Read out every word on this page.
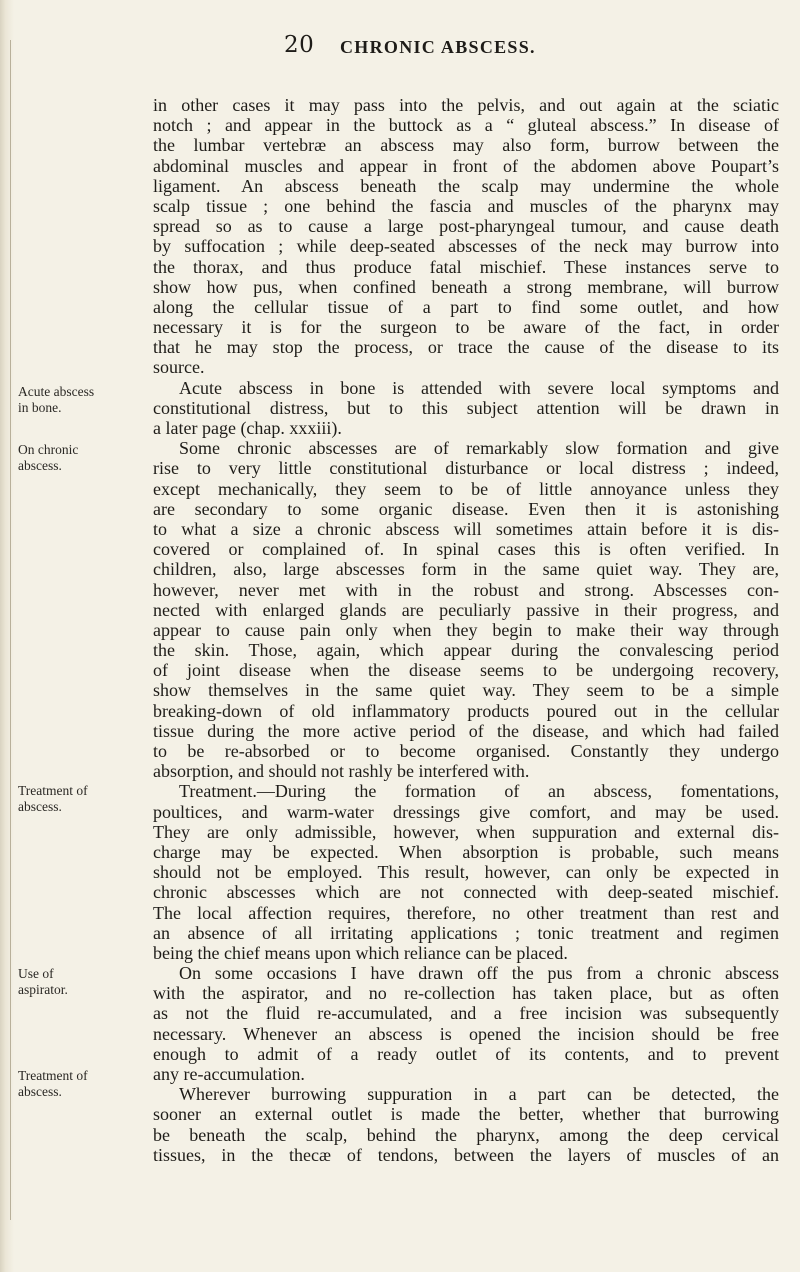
20 CHRONIC ABSCESS.
Acute abscess
in bone.
On chronic
abscess.
Treatment of
abscess.
Use of
aspirator.
Treatment of
abscess.
in other cases it may pass into the pelvis, and out again at the sciatic
notch ; and appear in the buttock as a “ gluteal abscess.” In disease of
the lumbar vertebræ an abscess may also form, burrow between the
abdominal muscles and appear in front of the abdomen above Poupart’s
ligament. An abscess beneath the scalp may undermine the whole
scalp tissue ; one behind the fascia and muscles of the pharynx may
spread so as to cause a large post-pharyngeal tumour, and cause death
by suffocation ; while deep-seated abscesses of the neck may burrow into
the thorax, and thus produce fatal mischief. These instances serve to
show how pus, when confined beneath a strong membrane, will burrow
along the cellular tissue of a part to find some outlet, and how
necessary it is for the surgeon to be aware of the fact, in order
that he may stop the process, or trace the cause of the disease to its
source.
Acute abscess in bone is attended with severe local symptoms and
constitutional distress, but to this subject attention will be drawn in
a later page (chap. xxxiii).
Some chronic abscesses are of remarkably slow formation and give
rise to very little constitutional disturbance or local distress ; indeed,
except mechanically, they seem to be of little annoyance unless they
are secondary to some organic disease. Even then it is astonishing
to what a size a chronic abscess will sometimes attain before it is dis-
covered or complained of. In spinal cases this is often verified. In
children, also, large abscesses form in the same quiet way. They are,
however, never met with in the robust and strong. Abscesses con-
nected with enlarged glands are peculiarly passive in their progress, and
appear to cause pain only when they begin to make their way through
the skin. Those, again, which appear during the convalescing period
of joint disease when the disease seems to be undergoing recovery,
show themselves in the same quiet way. They seem to be a simple
breaking-down of old inflammatory products poured out in the cellular
tissue during the more active period of the disease, and which had failed
to be re-absorbed or to become organised. Constantly they undergo
absorption, and should not rashly be interfered with.
Treatment.—During the formation of an abscess, fomentations,
poultices, and warm-water dressings give comfort, and may be used.
They are only admissible, however, when suppuration and external dis-
charge may be expected. When absorption is probable, such means
should not be employed. This result, however, can only be expected in
chronic abscesses which are not connected with deep-seated mischief.
The local affection requires, therefore, no other treatment than rest and
an absence of all irritating applications ; tonic treatment and regimen
being the chief means upon which reliance can be placed.
On some occasions I have drawn off the pus from a chronic abscess
with the aspirator, and no re-collection has taken place, but as often
as not the fluid re-accumulated, and a free incision was subsequently
necessary. Whenever an abscess is opened the incision should be free
enough to admit of a ready outlet of its contents, and to prevent
any re-accumulation.
Wherever burrowing suppuration in a part can be detected, the
sooner an external outlet is made the better, whether that burrowing
be beneath the scalp, behind the pharynx, among the deep cervical
tissues, in the thecæ of tendons, between the layers of muscles of an
